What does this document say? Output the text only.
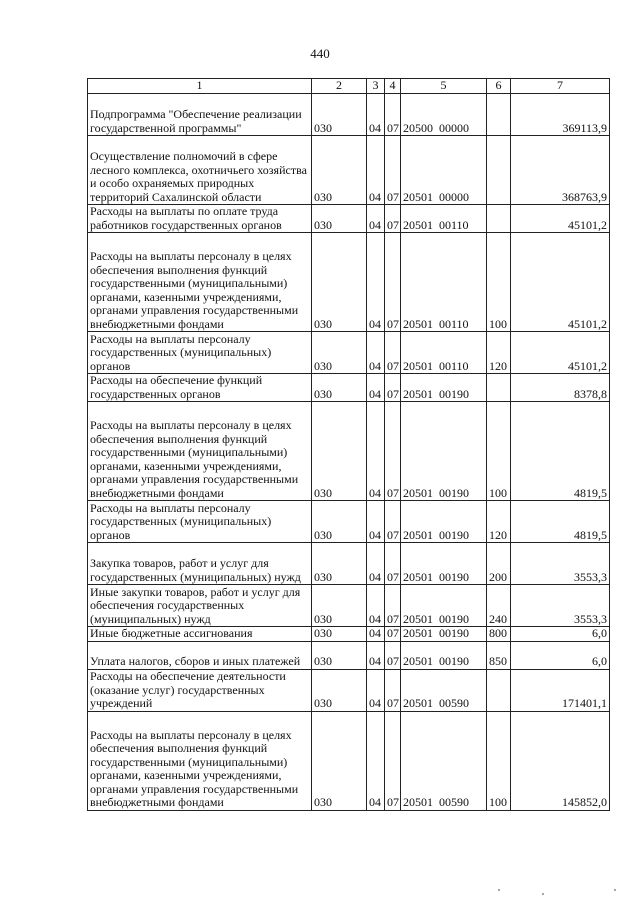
440
1	2	3	4	5	6	7
Подпрограмма "Обеспечение реализации государственной программы"	030	04	07	20500  00000		369113,9
Осуществление полномочий в сфере лесного комплекса, охотничьего хозяйства и особо охраняемых природных территорий Сахалинской области	030	04	07	20501  00000		368763,9
Расходы на выплаты по оплате труда работников государственных органов	030	04	07	20501  00110		45101,2
Расходы на выплаты персоналу в целях обеспечения выполнения функций государственными (муниципальными) органами, казенными учреждениями, органами управления государственными внебюджетными фондами	030	04	07	20501  00110	100	45101,2
Расходы на выплаты персоналу государственных (муниципальных) органов	030	04	07	20501  00110	120	45101,2
Расходы на обеспечение функций государственных органов	030	04	07	20501  00190		8378,8
Расходы на выплаты персоналу в целях обеспечения выполнения функций государственными (муниципальными) органами, казенными учреждениями, органами управления государственными внебюджетными фондами	030	04	07	20501  00190	100	4819,5
Расходы на выплаты персоналу государственных (муниципальных) органов	030	04	07	20501  00190	120	4819,5
Закупка товаров, работ и услуг для государственных (муниципальных) нужд	030	04	07	20501  00190	200	3553,3
Иные закупки товаров, работ и услуг для обеспечения государственных (муниципальных) нужд	030	04	07	20501  00190	240	3553,3
Иные бюджетные ассигнования	030	04	07	20501  00190	800	6,0
Уплата налогов, сборов и иных платежей	030	04	07	20501  00190	850	6,0
Расходы на обеспечение деятельности (оказание услуг) государственных учреждений	030	04	07	20501  00590		171401,1
Расходы на выплаты персоналу в целях обеспечения выполнения функций государственными (муниципальными) органами, казенными учреждениями, органами управления государственными внебюджетными фондами	030	04	07	20501  00590	100	145852,0
